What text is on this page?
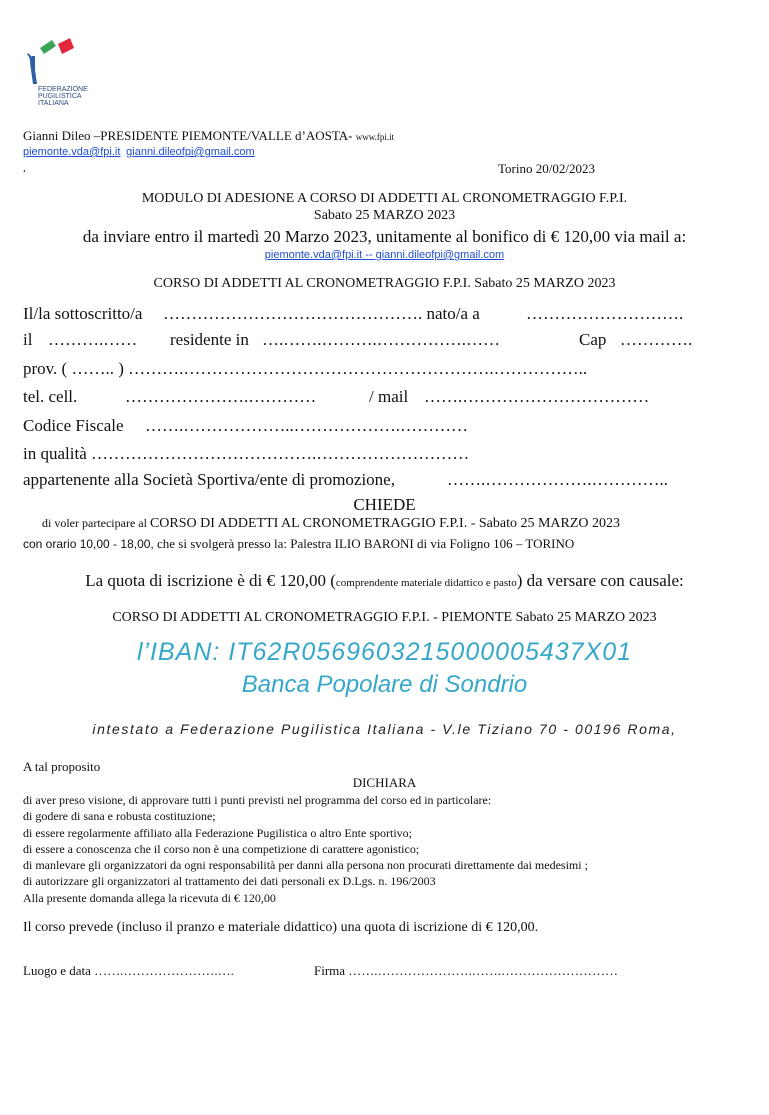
FEDERAZIONE
PUGILISTICA
ITALIANA
Gianni Dileo –PRESIDENTE PIEMONTE/VALLE d’AOSTA- www.fpi.it
piemonte.vda@fpi.it gianni.dileofpi@gmail.com
,	Torino 20/02/2023
MODULO DI ADESIONE A CORSO DI ADDETTI AL CRONOMETRAGGIO F.P.I.
Sabato 25 MARZO 2023
da inviare entro il martedì 20 Marzo 2023, unitamente al bonifico di € 120,00 via mail a:
piemonte.vda@fpi.it -- gianni.dileofpi@gmail.com
CORSO DI ADDETTI AL CRONOMETRAGGIO F.P.I. Sabato 25 MARZO 2023
Il/la sottoscritto/a ………………………………………. nato/a a	……………………….
il ……….…… residente in ….…….……….…………….……	Cap ………….
prov. ( …….. ) ……….……………………………………………….……………..
tel. cell.	………………….…………	/ mail …….……………………………
Codice Fiscale …….………………..……………….…………
in qualità ………………………………….………………………
appartenente alla Società Sportiva/ente di promozione,	…….……………….…………..
CHIEDE
di voler partecipare al CORSO DI ADDETTI AL CRONOMETRAGGIO F.P.I. - Sabato 25 MARZO 2023
con orario 10,00 - 18,00, che si svolgerà presso la: Palestra ILIO BARONI di via Foligno 106 – TORINO
La quota di iscrizione è di € 120,00 (comprendente materiale didattico e pasto) da versare con causale:
CORSO DI ADDETTI AL CRONOMETRAGGIO F.P.I. - PIEMONTE Sabato 25 MARZO 2023
l’IBAN: IT62R0569603215000005437X01
Banca Popolare di Sondrio
intestato a Federazione Pugilistica Italiana - V.le Tiziano 70 - 00196 Roma,
A tal proposito
DICHIARA
di aver preso visione, di approvare tutti i punti previsti nel programma del corso ed in particolare:
di godere di sana e robusta costituzione;
di essere regolarmente affiliato alla Federazione Pugilistica o altro Ente sportivo;
di essere a conoscenza che il corso non è una competizione di carattere agonistico;
di manlevare gli organizzatori da ogni responsabilità per danni alla persona non procurati direttamente dai medesimi ;
di autorizzare gli organizzatori al trattamento dei dati personali ex D.Lgs. n. 196/2003
Alla presente domanda allega la ricevuta di € 120,00
Il corso prevede (incluso il pranzo e materiale didattico) una quota di iscrizione di € 120,00.
Luogo e data …….………………….….	Firma …….………………….…….………………………
